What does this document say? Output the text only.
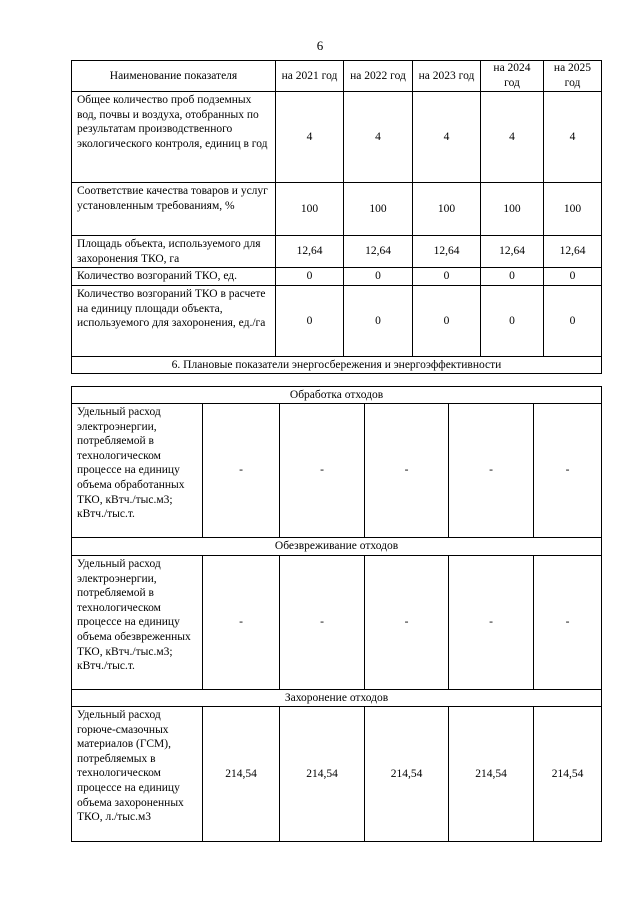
6
Наименование показателя	на 2021 год	на 2022 год	на 2023 год	на 2024 год	на 2025 год
Общее количество проб подземных вод, почвы и воздуха, отобранных по результатам производственного экологического контроля, единиц в год	4	4	4	4	4
Соответствие качества товаров и услуг установленным требованиям, %	100	100	100	100	100
Площадь объекта, используемого для захоронения ТКО, га	12,64	12,64	12,64	12,64	12,64
Количество возгораний ТКО, ед.	0	0	0	0	0
Количество возгораний ТКО в расчете на единицу площади объекта, используемого для захоронения, ед./га	0	0	0	0	0
6. Плановые показатели энергосбережения и энергоэффективности					
Обработка отходов					
Удельный расход электроэнергии, потребляемой в технологическом процессе на единицу объема обработанных ТКО, кВтч./тыс.м3; кВтч./тыс.т.	-	-	-	-	-
Обезвреживание отходов					
Удельный расход электроэнергии, потребляемой в технологическом процессе на единицу объема обезвреженных ТКО, кВтч./тыс.м3; кВтч./тыс.т.	-	-	-	-	-
Захоронение отходов					
Удельный расход горюче-смазочных материалов (ГСМ), потребляемых в технологическом процессе на единицу объема захороненных ТКО, л./тыс.м3	214,54	214,54	214,54	214,54	214,54
